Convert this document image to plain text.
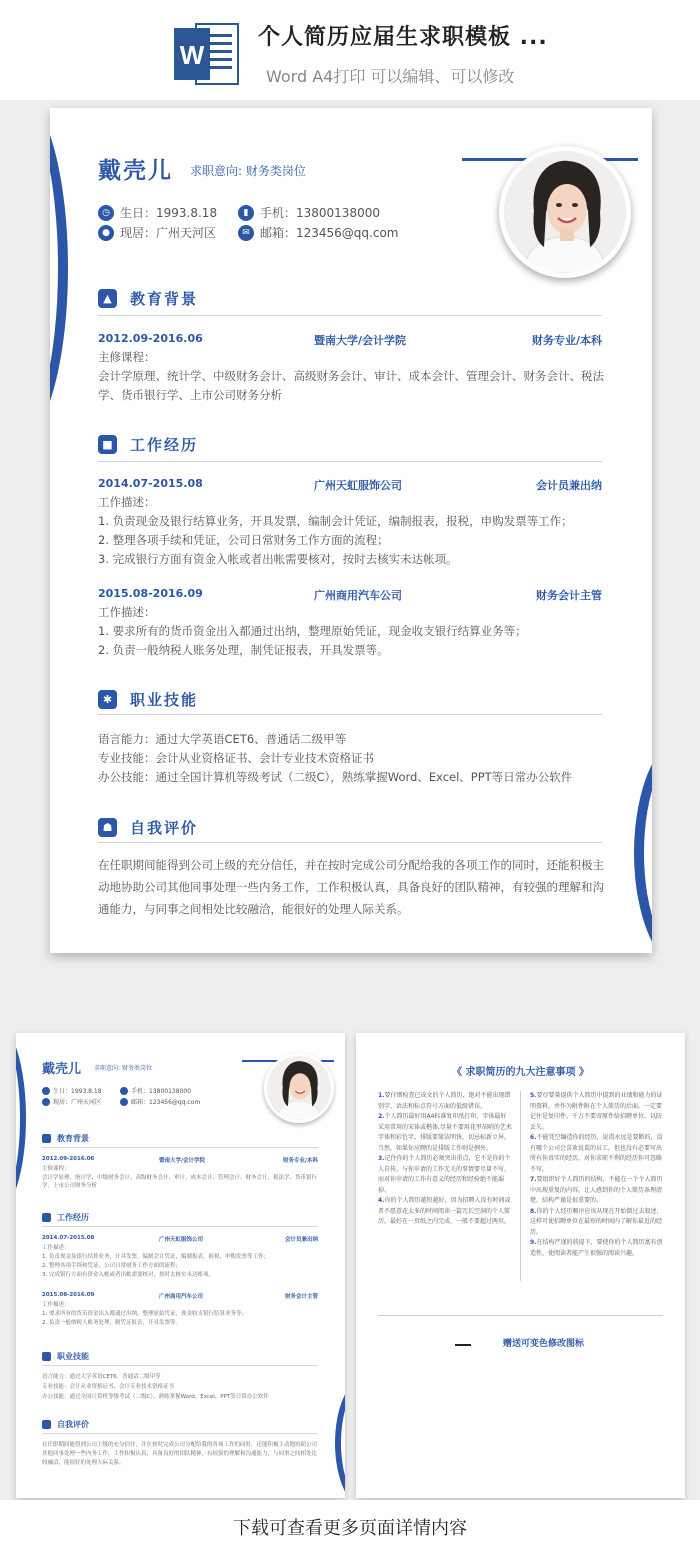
W
个人简历应届生求职模板 ...
Word A4打印 可以编辑、可以修改
戴壳儿 求职意向: 财务类岗位
◷ 生日：1993.8.18	▮ 手机：13800138000
● 现居：广州天河区	✉ 邮箱：123456@qq.com
▲	教育背景
2012.09-2016.06	暨南大学/会计学院	财务专业/本科
主修课程：
会计学原理、统计学、中级财务会计、高级财务会计、审计、成本会计、管理会计、财务会计、税法学、货币银行学、上市公司财务分析
■ 工作经历
2014.07-2015.08	广州天虹服饰公司	会计员兼出纳
工作描述：
1. 负责现金及银行结算业务，开具发票，编制会计凭证，编制报表，报税，申购发票等工作；
2. 整理各项手续和凭证，公司日常财务工作方面的流程；
3. 完成银行方面有资金入帐或者出帐需要核对，按时去核实未达帐项。
2015.08-2016.09	广州商用汽车公司	财务会计主管
工作描述：
1. 要求所有的货币资金出入都通过出纳，整理原始凭证，现金收支银行结算业务等；
2. 负责一般纳税人账务处理，制凭证报表，开具发票等。
✱	职业技能
语言能力：通过大学英语CET6、普通话二级甲等
专业技能：会计从业资格证书、会计专业技术资格证书
办公技能：通过全国计算机等级考试（二级C），熟练掌握Word、Excel、PPT等日常办公软件
☗	自我评价
在任职期间能得到公司上级的充分信任，并在按时完成公司分配给我的各项工作的同时，还能积极主动地协助公司其他同事处理一些内务工作，工作积极认真，具备良好的团队精神，有较强的理解和沟通能力，与同事之间相处比较融洽，能很好的处理人际关系。
戴壳儿 求职意向: 财务类岗位
生日：1993.8.18	手机：13800138000
现居：广州天河区	邮箱：123456@qq.com
教育背景
2012.09-2016.06	暨南大学/会计学院	财务专业/本科
主修课程：
会计学原理、统计学、中级财务会计、高级财务会计、审计、成本会计、管理会计、财务会计、税法学、货币银行学、上市公司财务分析
工作经历
2014.07-2015.08	广州天虹服饰公司	会计员兼出纳
工作描述：
1. 负责现金及银行结算业务，开具发票，编制会计凭证，编制报表，报税，申购发票等工作；
2. 整理各项手续和凭证，公司日常财务工作方面的流程；
3. 完成银行方面有资金入帐或者出帐需要核对，按时去核实未达帐项。
2015.08-2016.09	广州商用汽车公司	财务会计主管
工作描述：
1. 要求所有的货币资金出入都通过出纳，整理原始凭证，现金收支银行结算业务等；
2. 负责一般纳税人账务处理，制凭证报表，开具发票等。
职业技能
语言能力：通过大学英语CET6、普通话二级甲等
专业技能：会计从业资格证书、会计专业技术资格证书
办公技能：通过全国计算机等级考试（二级C），熟练掌握Word、Excel、PPT等日常办公软件
自我评价
在任职期间能得到公司上级的充分信任，并在按时完成公司分配给我的各项工作的同时，还能积极主动地协助公司其他同事处理一些内务工作，工作积极认真，具备良好的团队精神，有较强的理解和沟通能力，与同事之间相处比较融洽，能很好的处理人际关系。
《 求职简历的九大注意事项 》

1.要仔细检查已成文的个人简历，绝对不能出现错别字、语法和标点符号方面的低级错误。

2.个人简历最好用A4标准复印纸打印，字体最好采用常用的宋体或楷体,尽量不要用花里胡哨的艺术字体和彩色字，排版要简洁明快，切忌标新立异。当然，如果你应聘的是排版工作则是例外。

3.记住你的个人简历必须突出重点，它不是你的个人自传，与你申请的工作无关的事情要尽量不写，而对你申请的工作有意义的经历和经验绝不能漏掉。

4.你的个人简历越短越好，因为招聘人没有时间或者不愿意花太多的时间阅读一篇冗长空洞的个人简历。最好在一页纸之内完成，一般不要超过两页。

5.要尽要量提供个人简历中提到的业绩和能力的证明资料，并作为附件附在个人简历的后面。一定要记住是复印件，千万不要寄原件给招聘单位，以防丢失。

6.不能凭空编造你的经历，说谎永远是要断的，没有哪个公司会喜欢说谎的员工，但也没有必要写出所有你真实的经历。对你求职不利的经历你可忽略不写。

7.要组织好个人简历的结构，不能在一个个人简历中出现重复的内容。让人感到你的个人简历条理清楚，结构严谨是很重要的。

8.你的个人经历顺序应该从现在开始倒过去叙述，这样可使招聘单位在最短的时间内了解你最近的经历。

9.在结构严谨的前提下，要使你的个人简历富有创造性，使阅读者能产生很强的阅读兴趣。

赠送可变色修改图标
下载可查看更多页面详情内容
